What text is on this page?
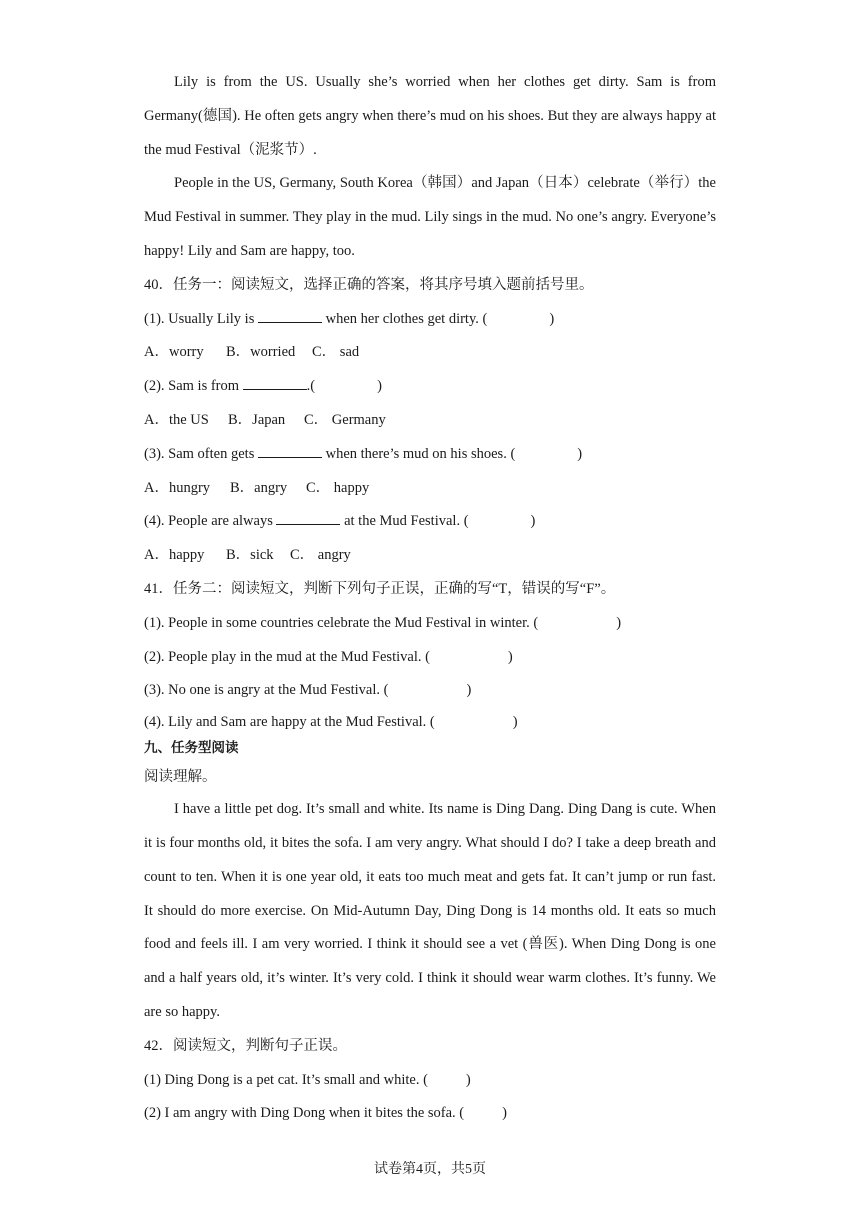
Lily is from the US. Usually she’s worried when her clothes get dirty. Sam is from Germany(德国). He often gets angry when there’s mud on his shoes. But they are always happy at the mud Festival（泥浆节）.

People in the US, Germany, South Korea（韩国）and Japan（日本）celebrate（举行）the Mud Festival in summer. They play in the mud. Lily sings in the mud. No one’s angry. Everyone’s happy! Lily and Sam are happy, too.

40．任务一：阅读短文，选择正确的答案，将其序号填入题前括号里。

(1). Usually Lily is	when her clothes get dirty. (	)

A．worry B．worried C． sad

(2). Sam is from	.(	)

A．the US B．Japan C． Germany

(3). Sam often gets	when there’s mud on his shoes. (	)

A．hungry B．angry C． happy

(4). People are always	at the Mud Festival. (	)

A．happy B．sick C． angry

41．任务二：阅读短文，判断下列句子正误，正确的写“T，错误的写“F”。

(1). People in some countries celebrate the Mud Festival in winter. (	)

(2). People play in the mud at the Mud Festival. (	)

(3). No one is angry at the Mud Festival. (	)

(4). Lily and Sam are happy at the Mud Festival. (	)

九、任务型阅读

阅读理解。

I have a little pet dog. It’s small and white. Its name is Ding Dang. Ding Dang is cute. When it is four months old, it bites the sofa. I am very angry. What should I do? I take a deep breath and count to ten. When it is one year old, it eats too much meat and gets fat. It can’t jump or run fast. It should do more exercise. On Mid-Autumn Day, Ding Dong is 14 months old. It eats so much food and feels ill. I am very worried. I think it should see a vet (兽医). When Ding Dong is one and a half years old, it’s winter. It’s very cold. I think it should wear warm clothes. It’s funny. We are so happy.

42．阅读短文，判断句子正误。

(1) Ding Dong is a pet cat. It’s small and white. (	)

(2) I am angry with Ding Dong when it bites the sofa. (	)

试卷第4页，共5页
